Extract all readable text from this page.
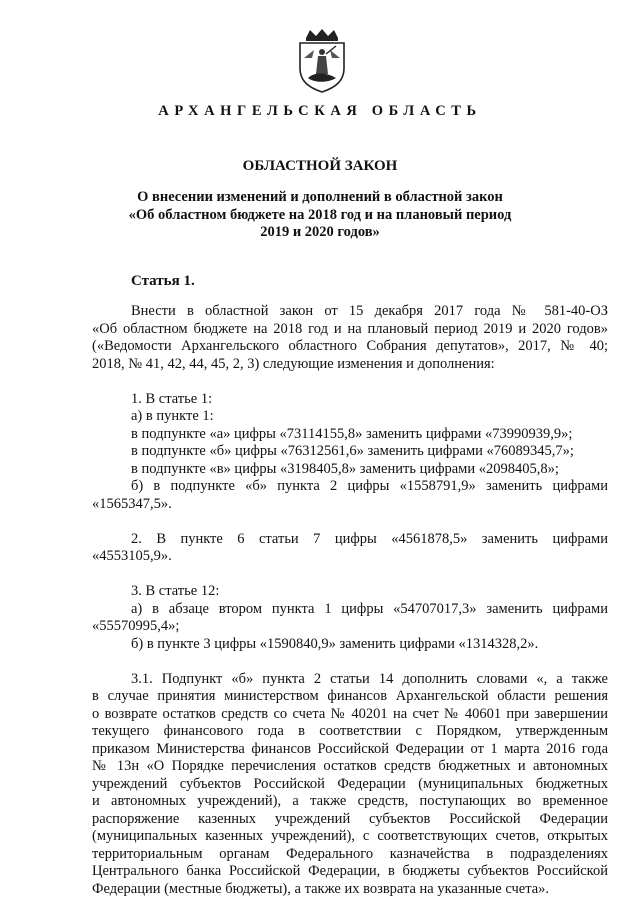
АРХАНГЕЛЬСКАЯ ОБЛАСТЬ
ОБЛАСТНОЙ ЗАКОН
О внесении изменений и дополнений в областной закон
«Об областном бюджете на 2018 год и на плановый период
2019 и 2020 годов»
Статья 1.
Внести в областной закон от 15 декабря 2017 года № 581-40-ОЗ
«Об областном бюджете на 2018 год и на плановый период 2019 и 2020 годов»
(«Ведомости Архангельского областного Собрания депутатов», 2017, № 40;
2018, № 41, 42, 44, 45, 2, 3) следующие изменения и дополнения:
1. В статье 1:
а) в пункте 1:
в подпункте «а» цифры «73114155,8» заменить цифрами «73990939,9»;
в подпункте «б» цифры «76312561,6» заменить цифрами «76089345,7»;
в подпункте «в» цифры «3198405,8» заменить цифрами «2098405,8»;
б) в подпункте «б» пункта 2 цифры «1558791,9» заменить цифрами
«1565347,5».
2. В пункте 6 статьи 7 цифры «4561878,5» заменить цифрами
«4553105,9».
3. В статье 12:
а) в абзаце втором пункта 1 цифры «54707017,3» заменить цифрами
«55570995,4»;
б) в пункте 3 цифры «1590840,9» заменить цифрами «1314328,2».
3.1. Подпункт «б» пункта 2 статьи 14 дополнить словами «, а также
в случае принятия министерством финансов Архангельской области решения
о возврате остатков средств со счета № 40201 на счет № 40601 при завершении
текущего финансового года в соответствии с Порядком, утвержденным
приказом Министерства финансов Российской Федерации от 1 марта 2016 года
№ 13н «О Порядке перечисления остатков средств бюджетных и автономных
учреждений субъектов Российской Федерации (муниципальных бюджетных
и автономных учреждений), а также средств, поступающих во временное
распоряжение казенных учреждений субъектов Российской Федерации
(муниципальных казенных учреждений), с соответствующих счетов, открытых
территориальным органам Федерального казначейства в подразделениях
Центрального банка Российской Федерации, в бюджеты субъектов Российской
Федерации (местные бюджеты), а также их возврата на указанные счета».
